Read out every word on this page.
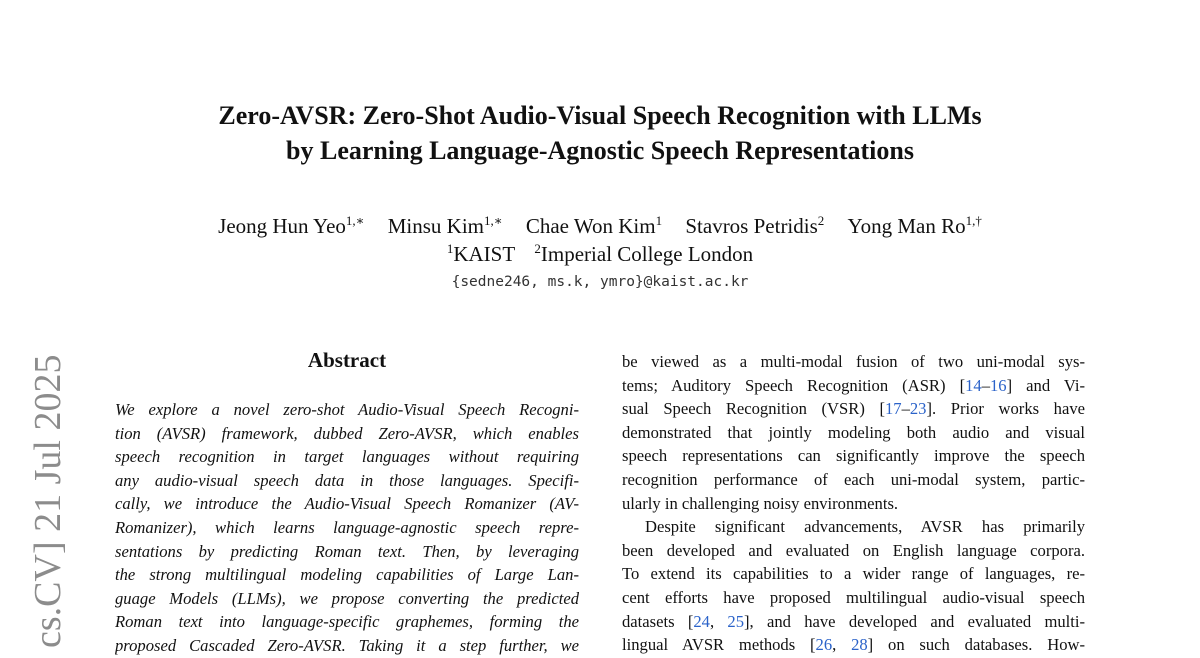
Zero-AVSR: Zero-Shot Audio-Visual Speech Recognition with LLMs
by Learning Language-Agnostic Speech Representations
Jeong Hun Yeo$^{1,∗}$ Minsu Kim$^{1,∗}$ Chae Won Kim$^1$ Stavros Petridis$^2$ Yong Man $Ro^{1,\dagger}$
$^1$KAIST $^2$Imperial College London
{sedne246, ms.k, ymro}@kaist.ac.kr
cs.CV] 21 Jul 2025	Abstract
We explore a novel zero-shot Audio-Visual Speech Recogni-
tion (AVSR) framework, dubbed Zero-AVSR, which enables
speech recognition in target languages without requiring
any audio-visual speech data in those languages. Specifi-
cally, we introduce the Audio-Visual Speech Romanizer (AV-
Romanizer), which learns language-agnostic speech repre-
sentations by predicting Roman text. Then, by leveraging
the strong multilingual modeling capabilities of Large Lan-
guage Models (LLMs), we propose converting the predicted
Roman text into language-specific graphemes, forming the
proposed Cascaded Zero-AVSR. Taking it a step further, we
be viewed as a multi-modal fusion of two uni-modal sys-
tems; Auditory Speech Recognition (ASR) [14–16] and Vi-
sual Speech Recognition (VSR) [17–23]. Prior works have
demonstrated that jointly modeling both audio and visual
speech representations can significantly improve the speech
recognition performance of each uni-modal system, partic-
ularly in challenging noisy environments.
Despite significant advancements, AVSR has primarily
been developed and evaluated on English language corpora.
To extend its capabilities to a wider range of languages, re-
cent efforts have proposed multilingual audio-visual speech
datasets [24, 25], and have developed and evaluated multi-
lingual AVSR methods [26, 28] on such databases. How-
